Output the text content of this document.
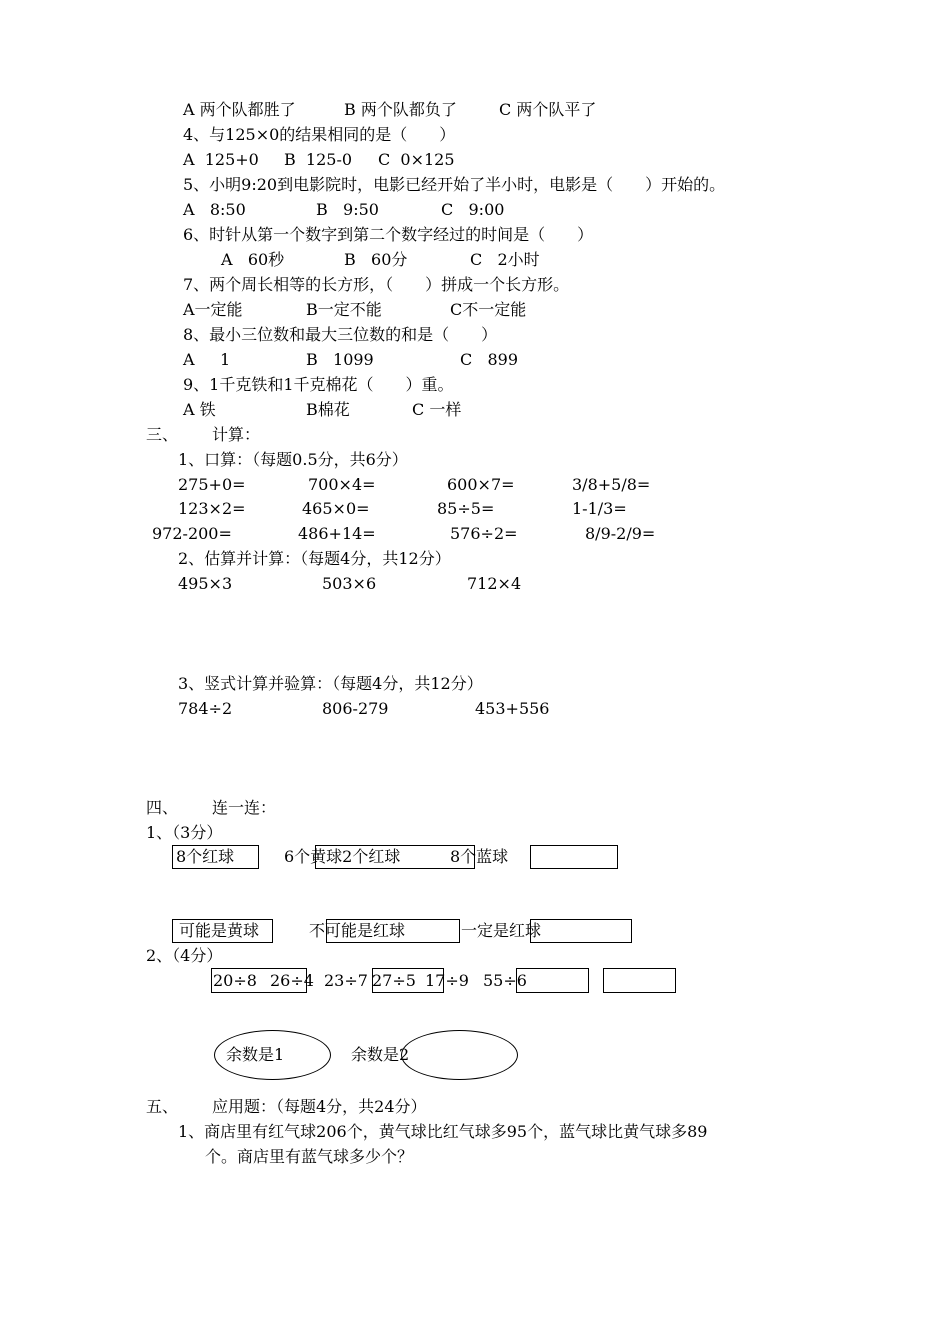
A 两个队都胜了	B 两个队都负了	C 两个队平了
4、与125×0的结果相同的是（　　）
A  125+0 B  125-0 C  0×125
5、小明9:20到电影院时，电影已经开始了半小时，电影是（　　）开始的。
A   8:50	B   9:50	C   9:00
6、时针从第一个数字到第二个数字经过的时间是（　　）
A   60秒	B   60分	C   2小时
7、两个周长相等的长方形，（　　）拼成一个长方形。
A一定能	B一定不能	C不一定能
8、最小三位数和最大三位数的和是（　　）
A     1	B   1099	C   899
9、1千克铁和1千克棉花（　　）重。
A 铁	B棉花	C 一样
三、 计算：
1、口算：（每题0.5分，共6分）
275+0=	700×4=	600×7=	3/8+5/8=
123×2=	465×0=	85÷5=	1-1/3=
972-200=	486+14=	576÷2=	8/9-2/9=
2、估算并计算：（每题4分，共12分）
495×3	503×6	712×4
3、竖式计算并验算：（每题4分，共12分）
784÷2	806-279	453+556
四、 连一连：
1、（3分）
8个红球	6个黄球2个红球	8个蓝球
可能是黄球	不可能是红球	一定是红球
2、（4分）
20÷8 26÷4 23÷7 27÷5 17÷9 55÷6
余数是1	余数是2
五、 应用题：（每题4分，共24分）
1、商店里有红气球206个，黄气球比红气球多95个，蓝气球比黄气球多89
个。商店里有蓝气球多少个？
